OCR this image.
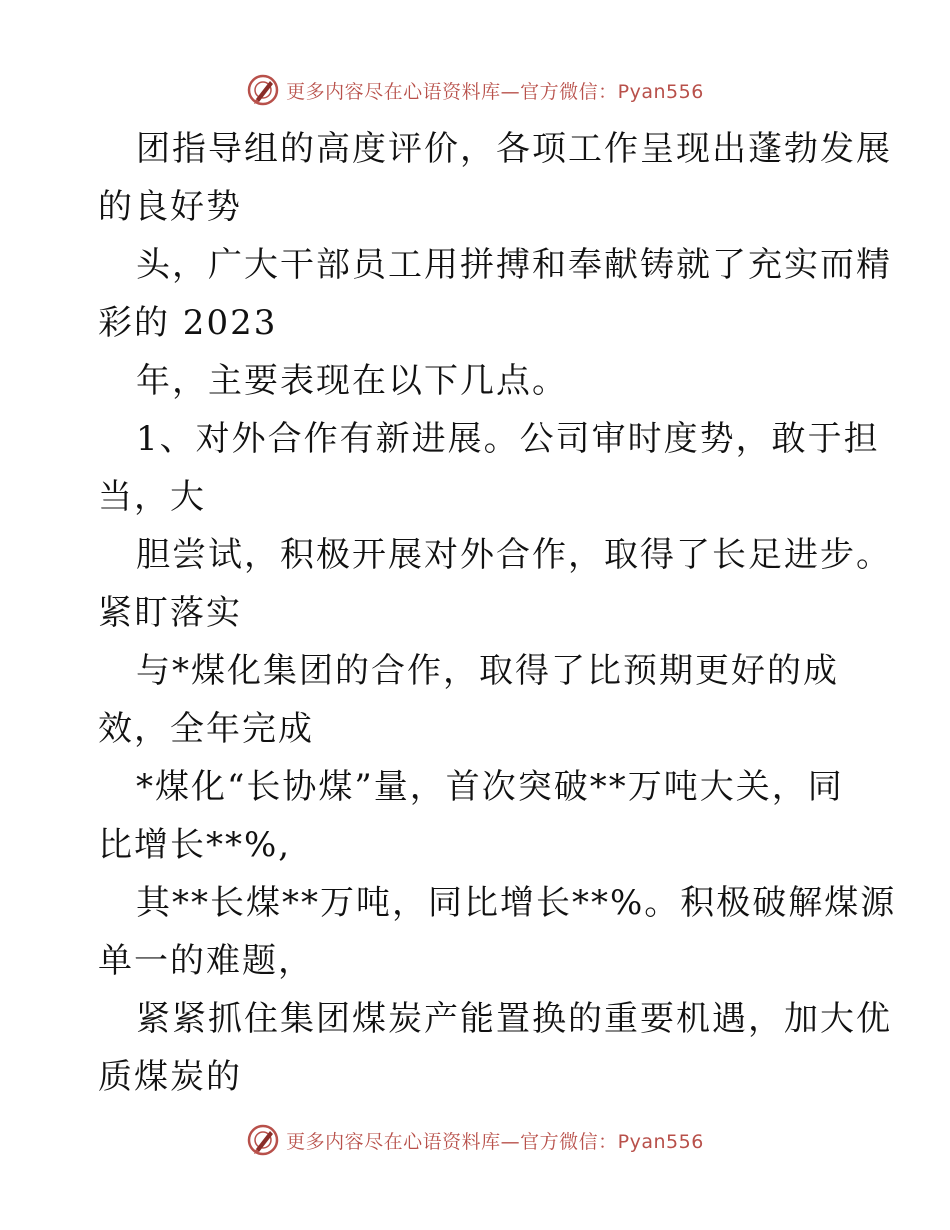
更多内容尽在心语资料库—官方微信：Pyan556
团指导组的高度评价，各项工作呈现出蓬勃发展
的良好势
头，广大干部员工用拼搏和奉献铸就了充实而精
彩的 2023
年，主要表现在以下几点。
1、对外合作有新进展。公司审时度势，敢于担
当，大
胆尝试，积极开展对外合作，取得了长足进步。
紧盯落实
与*煤化集团的合作，取得了比预期更好的成
效，全年完成
*煤化“长协煤”量，首次突破**万吨大关，同
比增长**%,
其**长煤**万吨，同比增长**%。积极破解煤源
单一的难题，
紧紧抓住集团煤炭产能置换的重要机遇，加大优
质煤炭的
更多内容尽在心语资料库—官方微信：Pyan556
